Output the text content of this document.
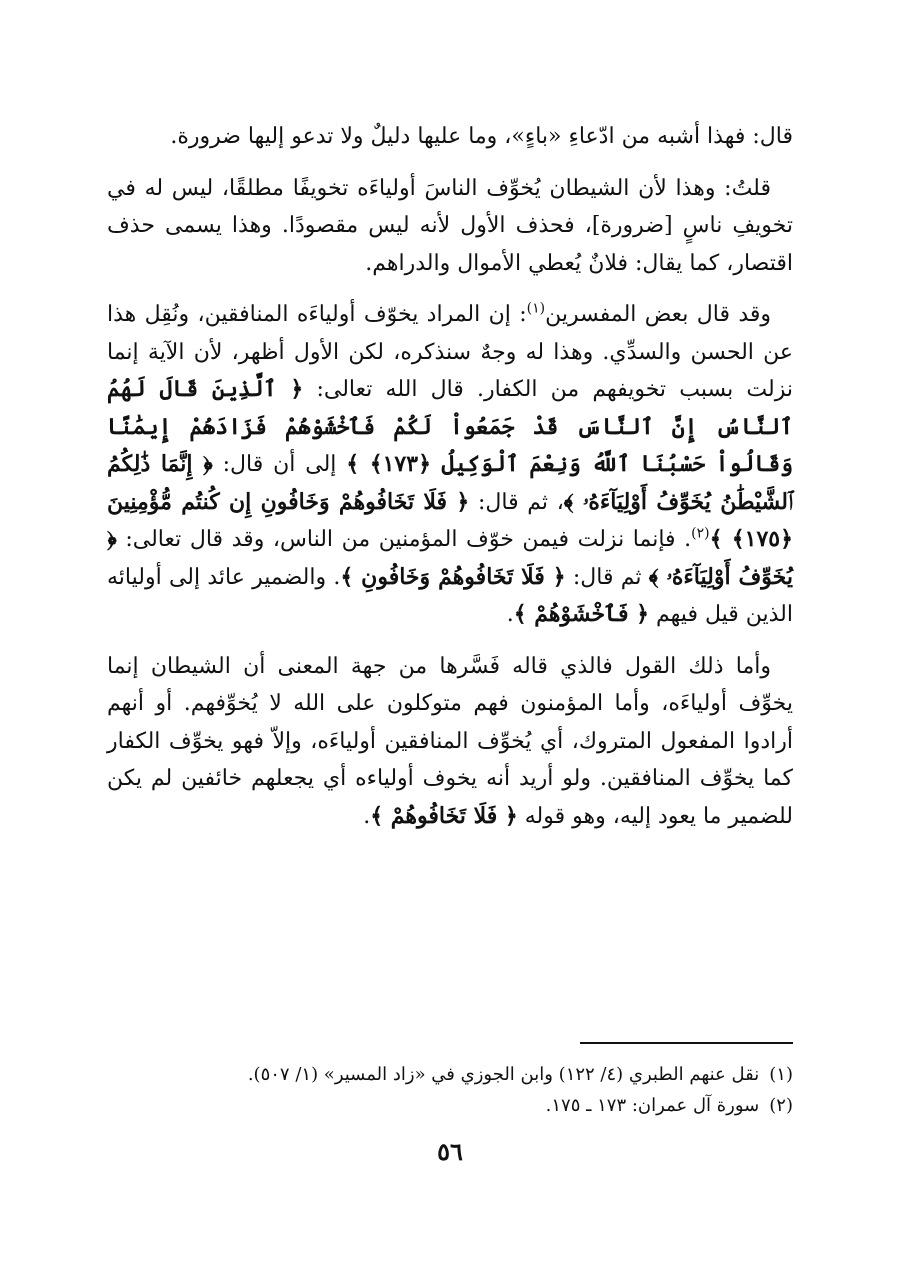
قال: فهذا أشبه من ادّعاءِ «باءٍ»، وما عليها دليلٌ ولا تدعو إليها ضرورة.

قلتُ: وهذا لأن الشيطان يُخوِّف الناسَ أولياءَه تخويفًا مطلقًا، ليس له في تخويفِ ناسٍ [ضرورة]، فحذف الأول لأنه ليس مقصودًا. وهذا يسمى حذف اقتصار، كما يقال: فلانٌ يُعطي الأموال والدراهم.

وقد قال بعض المفسرين$^{(١)}$: إن المراد يخوّف أولياءَه المنافقين، ونُقِل هذا عن الحسن والسدِّي. وهذا له وجهٌ سنذكره، لكن الأول أظهر، لأن الآية إنما نزلت بسبب تخويفهم من الكفار. قال الله تعالى: ﴿ ٱلَّذِينَ قَالَ لَهُمُ ٱلنَّاسُ إِنَّ ٱلنَّاسَ قَدْ جَمَعُواْ لَكُمْ فَٱخْشَوْهُمْ فَزَادَهُمْ إِيمَٰنًا وَقَالُواْ حَسْبُنَا ٱللَّهُ وَنِعْمَ ٱلْوَكِيلُ ﴿١٧٣﴾ ﴾ إلى أن قال: ﴿ إِنَّمَا ذَٰلِكُمُ ٱلشَّيْطَٰنُ يُخَوِّفُ أَوْلِيَآءَهُۥ ﴾، ثم قال: ﴿ فَلَا تَخَافُوهُمْ وَخَافُونِ إِن كُنتُم مُّؤْمِنِينَ ﴿١٧٥﴾ ﴾$^{(٢)}$. فإنما نزلت فيمن خوّف المؤمنين من الناس، وقد قال تعالى: ﴿ يُخَوِّفُ أَوْلِيَآءَهُۥ ﴾ ثم قال: ﴿ فَلَا تَخَافُوهُمْ وَخَافُونِ ﴾. والضمير عائد إلى أوليائه الذين قيل فيهم ﴿ فَٱخْشَوْهُمْ ﴾.

وأما ذلك القول فالذي قاله فَسَّرها من جهة المعنى أن الشيطان إنما يخوِّف أولياءَه، وأما المؤمنون فهم متوكلون على الله لا يُخوِّفهم. أو أنهم أرادوا المفعول المتروك، أي يُخوِّف المنافقين أولياءَه، وإلاّ فهو يخوِّف الكفار كما يخوِّف المنافقين. ولو أريد أنه يخوف أولياءه أي يجعلهم خائفين لم يكن للضمير ما يعود إليه، وهو قوله ﴿ فَلَا تَخَافُوهُمْ ﴾.

(١)نقل عنهم الطبري (٤/ ١٢٢) وابن الجوزي في «زاد المسير» (١/ ٥٠٧).

(٢)سورة آل عمران: ١٧٣ ـ ١٧٥.

٥٦
